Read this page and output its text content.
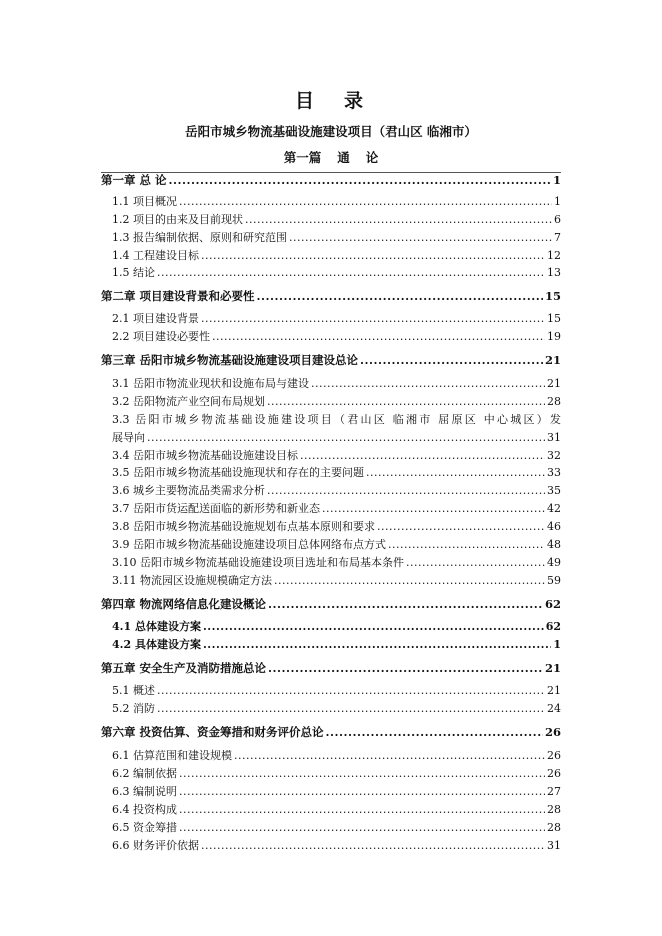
目 录
岳阳市城乡物流基础设施建设项目（君山区 临湘市）
第一篇 通 论
第一章 总 论 .....	1
1.1 项目概况 .....	1
1.2 项目的由来及目前现状 .....	6
1.3 报告编制依据、原则和研究范围 .....	7
1.4 工程建设目标 .....	12
1.5 结论 .....	13
第二章 项目建设背景和必要性 .....	15
2.1 项目建设背景 .....	15
2.2 项目建设必要性 .....	19
第三章 岳阳市城乡物流基础设施建设项目建设总论 .....	21
3.1 岳阳市物流业现状和设施布局与建设 .....	21
3.2 岳阳物流产业空间布局规划 .....	28
3.3 岳阳市城乡物流基础设施建设项目（君山区 临湘市 屈原区 中心城区）发
展导向 .....	31
3.4 岳阳市城乡物流基础设施建设目标 .....	32
3.5 岳阳市城乡物流基础设施现状和存在的主要问题 .....	33
3.6 城乡主要物流品类需求分析 .....	35
3.7 岳阳市货运配送面临的新形势和新业态 .....	42
3.8 岳阳市城乡物流基础设施规划布点基本原则和要求 .....	46
3.9 岳阳市城乡物流基础设施建设项目总体网络布点方式 .....	48
3.10 岳阳市城乡物流基础设施建设项目选址和布局基本条件 .....	49
3.11 物流园区设施规模确定方法 .....	59
第四章 物流网络信息化建设概论 .....	62
4.1 总体建设方案 .....	62
4.2 具体建设方案 .....	1
第五章 安全生产及消防措施总论 .....	21
5.1 概述 .....	21
5.2 消防 .....	24
第六章 投资估算、资金筹措和财务评价总论 .....	26
6.1 估算范围和建设规模 .....	26
6.2 编制依据 .....	26
6.3 编制说明 .....	27
6.4 投资构成 .....	28
6.5 资金筹措 .....	28
6.6 财务评价依据 .....	31
